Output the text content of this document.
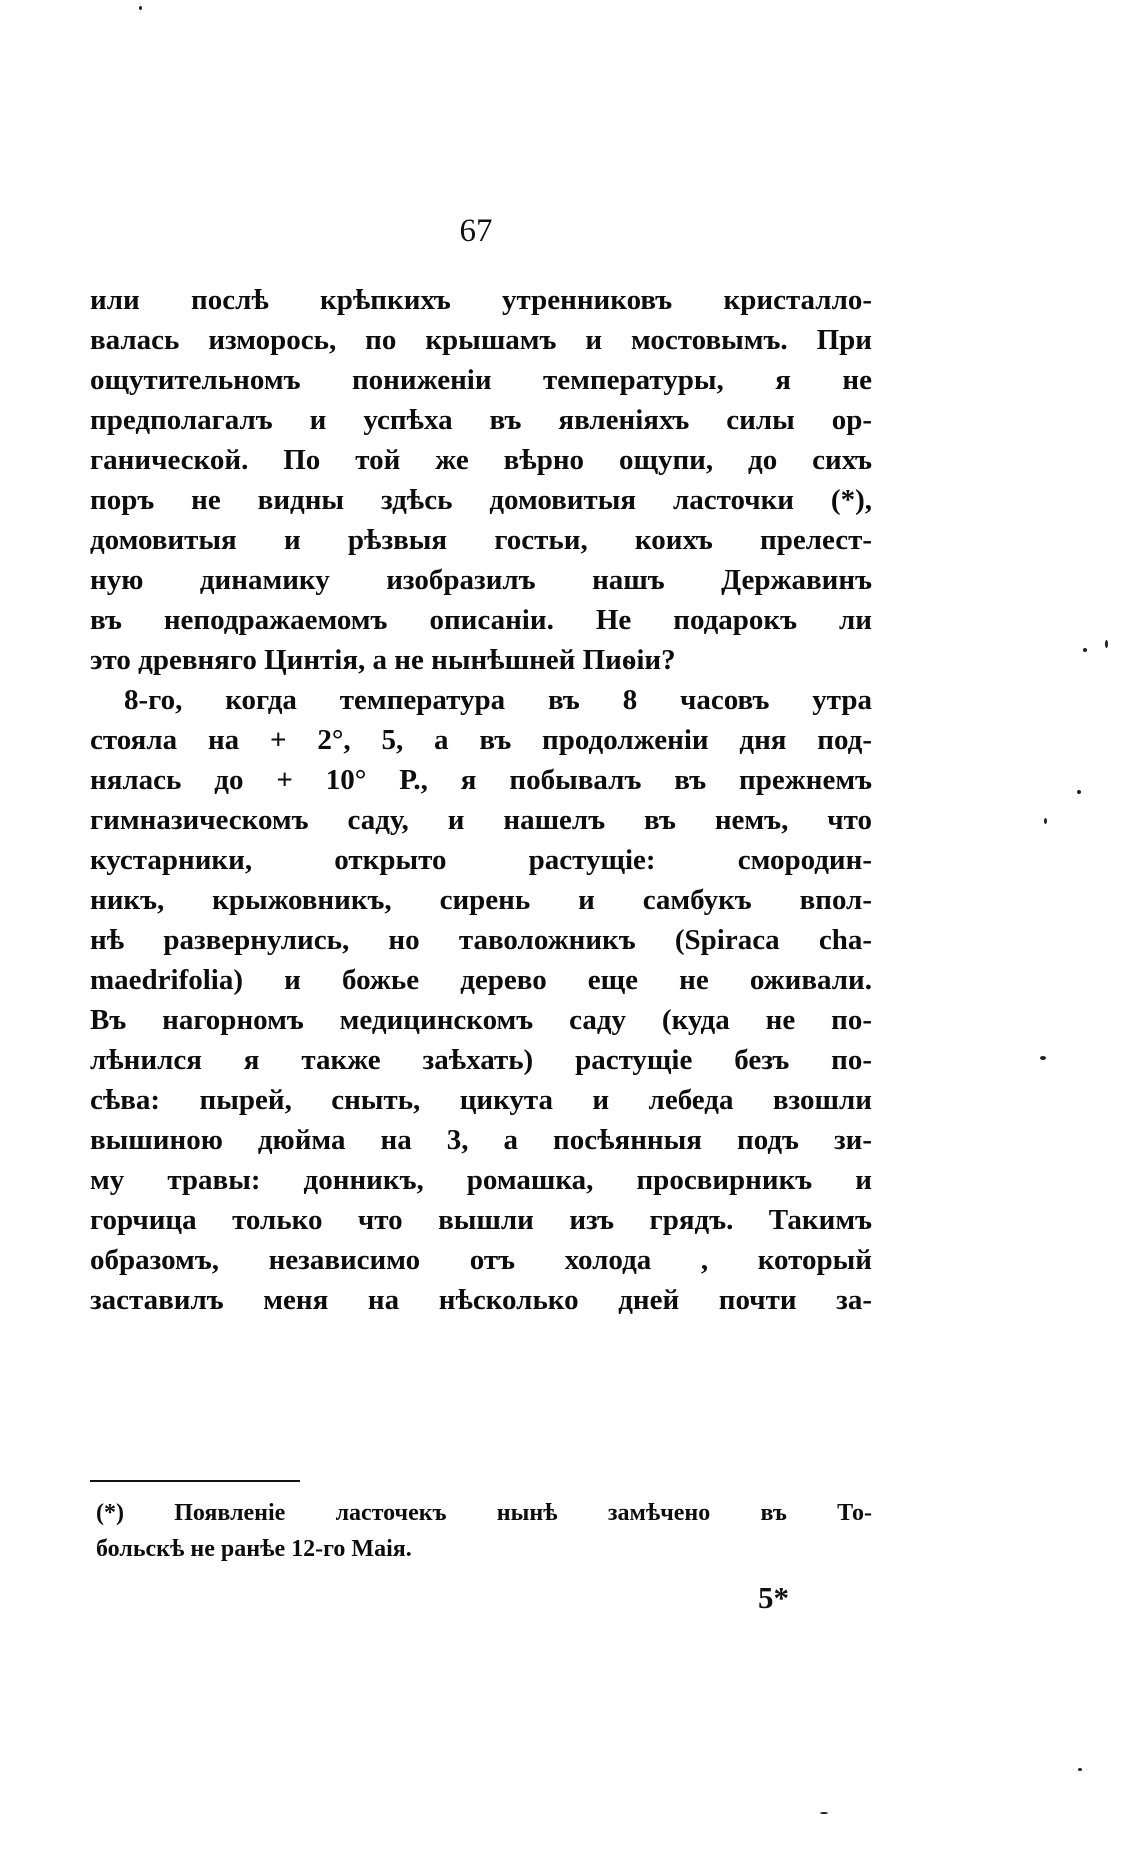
67
или послѣ крѣпкихъ утренниковъ кристалло-
валась изморось, по крышамъ и мостовымъ. При
ощутительномъ пониженіи температуры, я не
предполагалъ и успѣха въ явленіяхъ силы ор-
ганической. По той же вѣрно ощупи, до сихъ
поръ не видны здѣсь домовитыя ласточки (*),
домовитыя и рѣзвыя гостьи, коихъ прелест-
ную динамику изобразилъ нашъ Державинъ
въ неподражаемомъ описаніи. Не подарокъ ли
это древняго Цинтія, а не нынѣшней Пиѳіи?
8-го, когда температура въ 8 часовъ утра
стояла на + 2°, 5, а въ продолженіи дня под-
нялась до + 10° Р., я побывалъ въ прежнемъ
гимназическомъ саду, и нашелъ въ немъ, что
кустарники, открыто растущіе: смородин-
никъ, крыжовникъ, сирень и самбукъ впол-
нѣ развернулись, но таволожникъ (Spiraca cha-
maedrifolia) и божье дерево еще не оживали.
Въ нагорномъ медицинскомъ саду (куда не по-
лѣнился я также заѣхать) растущіе безъ по-
сѣва: пырей, сныть, цикута и лебеда взошли
вышиною дюйма на 3, а посѣянныя подъ зи-
му травы: донникъ, ромашка, просвирникъ и
горчица только что вышли изъ грядъ. Такимъ
образомъ, независимо отъ холода , который
заставилъ меня на нѣсколько дней почти за-
(*) Появленіе ласточекъ нынѣ замѣчено въ То-
больскѣ не ранѣе 12-го Маія.
5*
